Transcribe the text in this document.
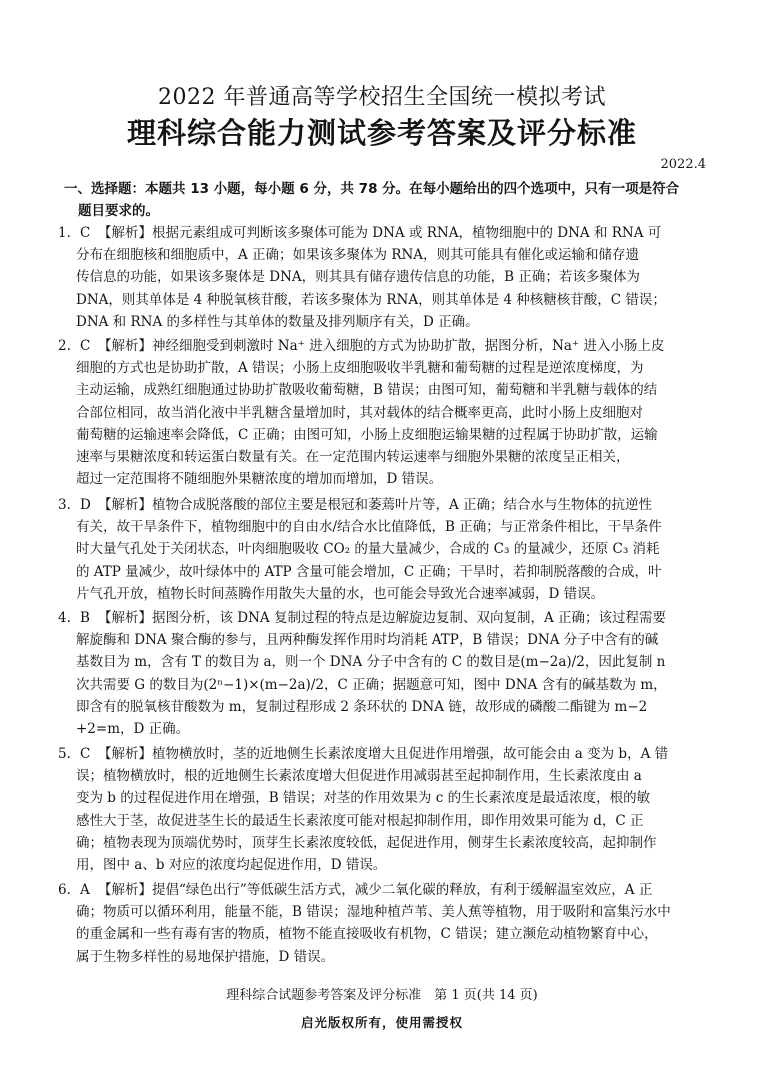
2022 年普通高等学校招生全国统一模拟考试
理科综合能力测试参考答案及评分标准
2022.4
一、选择题：本题共 13 小题，每小题 6 分，共 78 分。在每小题给出的四个选项中，只有一项是符合
题目要求的。
1. C 【解析】根据元素组成可判断该多聚体可能为 DNA 或 RNA，植物细胞中的 DNA 和 RNA 可
分布在细胞核和细胞质中，A 正确；如果该多聚体为 RNA，则其可能具有催化或运输和储存遗
传信息的功能，如果该多聚体是 DNA，则其具有储存遗传信息的功能，B 正确；若该多聚体为
DNA，则其单体是 4 种脱氧核苷酸，若该多聚体为 RNA，则其单体是 4 种核糖核苷酸，C 错误；
DNA 和 RNA 的多样性与其单体的数量及排列顺序有关，D 正确。
2. C 【解析】神经细胞受到刺激时 Na⁺ 进入细胞的方式为协助扩散，据图分析，Na⁺ 进入小肠上皮
细胞的方式也是协助扩散，A 错误；小肠上皮细胞吸收半乳糖和葡萄糖的过程是逆浓度梯度，为
主动运输，成熟红细胞通过协助扩散吸收葡萄糖，B 错误；由图可知，葡萄糖和半乳糖与载体的结
合部位相同，故当消化液中半乳糖含量增加时，其对载体的结合概率更高，此时小肠上皮细胞对
葡萄糖的运输速率会降低，C 正确；由图可知，小肠上皮细胞运输果糖的过程属于协助扩散，运输
速率与果糖浓度和转运蛋白数量有关。在一定范围内转运速率与细胞外果糖的浓度呈正相关，
超过一定范围将不随细胞外果糖浓度的增加而增加，D 错误。
3. D 【解析】植物合成脱落酸的部位主要是根冠和萎蔫叶片等，A 正确；结合水与生物体的抗逆性
有关，故干旱条件下，植物细胞中的自由水/结合水比值降低，B 正确；与正常条件相比，干旱条件
时大量气孔处于关闭状态，叶肉细胞吸收 CO₂ 的量大量减少，合成的 C₃ 的量减少，还原 C₃ 消耗
的 ATP 量减少，故叶绿体中的 ATP 含量可能会增加，C 正确；干旱时，若抑制脱落酸的合成，叶
片气孔开放，植物长时间蒸腾作用散失大量的水，也可能会导致光合速率减弱，D 错误。
4. B 【解析】据图分析，该 DNA 复制过程的特点是边解旋边复制、双向复制，A 正确；该过程需要
解旋酶和 DNA 聚合酶的参与，且两种酶发挥作用时均消耗 ATP，B 错误；DNA 分子中含有的碱
基数目为 m，含有 T 的数目为 a，则一个 DNA 分子中含有的 C 的数目是(m−2a)/2，因此复制 n
次共需要 G 的数目为(2ⁿ−1)×(m−2a)/2，C 正确；据题意可知，图中 DNA 含有的碱基数为 m，
即含有的脱氧核苷酸数为 m，复制过程形成 2 条环状的 DNA 链，故形成的磷酸二酯键为 m−2
+2=m，D 正确。
5. C 【解析】植物横放时，茎的近地侧生长素浓度增大且促进作用增强，故可能会由 a 变为 b，A 错
误；植物横放时，根的近地侧生长素浓度增大但促进作用减弱甚至起抑制作用，生长素浓度由 a
变为 b 的过程促进作用在增强，B 错误；对茎的作用效果为 c 的生长素浓度是最适浓度，根的敏
感性大于茎，故促进茎生长的最适生长素浓度可能对根起抑制作用，即作用效果可能为 d，C 正
确；植物表现为顶端优势时，顶芽生长素浓度较低，起促进作用，侧芽生长素浓度较高，起抑制作
用，图中 a、b 对应的浓度均起促进作用，D 错误。
6. A 【解析】提倡“绿色出行”等低碳生活方式，减少二氧化碳的释放，有利于缓解温室效应，A 正
确；物质可以循环利用，能量不能，B 错误；湿地种植芦苇、美人蕉等植物，用于吸附和富集污水中
的重金属和一些有毒有害的物质，植物不能直接吸收有机物，C 错误；建立濒危动植物繁育中心，
属于生物多样性的易地保护措施，D 错误。
理科综合试题参考答案及评分标准　第 1 页(共 14 页)
启光版权所有，使用需授权
